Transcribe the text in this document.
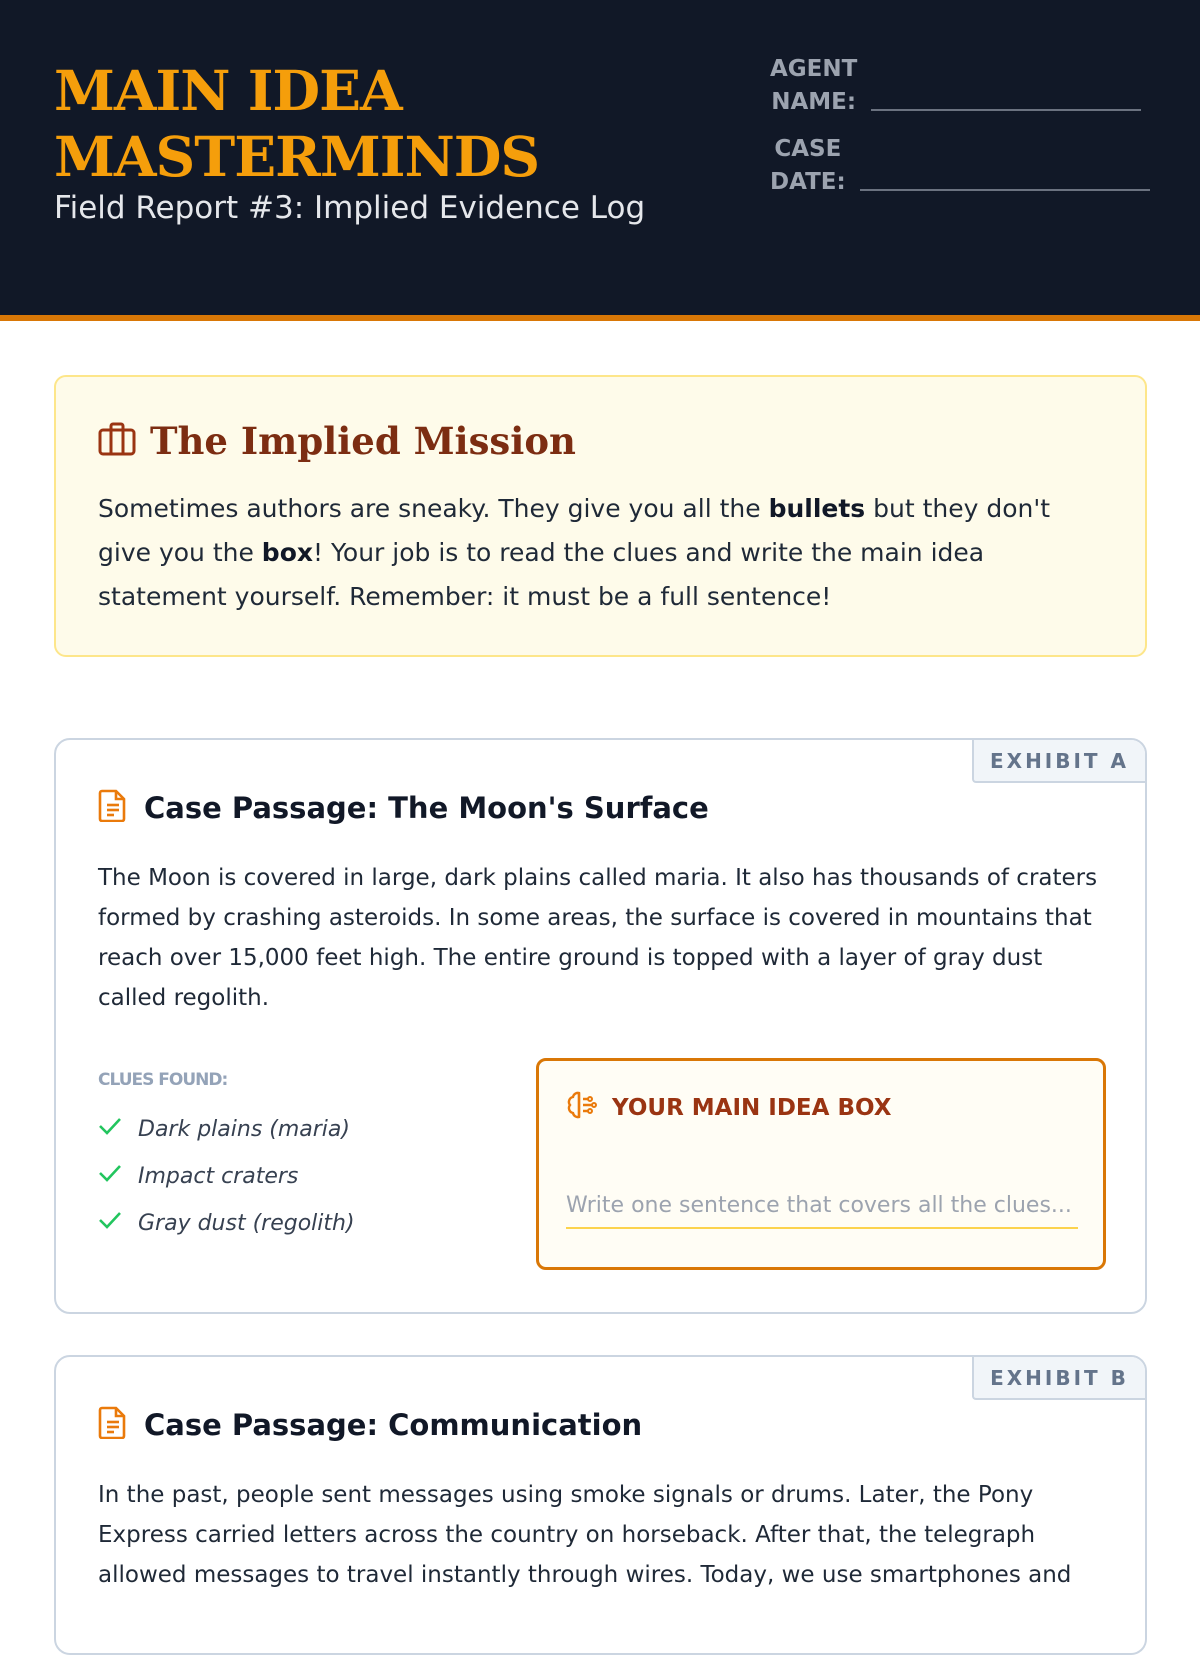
MAIN IDEA
MASTERMINDS
Field Report #3: Implied Evidence Log
AGENT
NAME:
CASE
DATE:
The Implied Mission

Sometimes authors are sneaky. They give you all the bullets but they don't give you the box! Your job is to read the clues and write the main idea statement yourself. Remember: it must be a full sentence!

EXHIBIT A
Case Passage: The Moon's Surface

The Moon is covered in large, dark plains called maria. It also has thousands of craters formed by crashing asteroids. In some areas, the surface is covered in mountains that reach over 15,000 feet high. The entire ground is topped with a layer of gray dust called regolith.

CLUES FOUND:
Dark plains (maria)
Impact craters
Gray dust (regolith)
YOUR MAIN IDEA BOX
Write one sentence that covers all the clues...
EXHIBIT B
Case Passage: Communication

In the past, people sent messages using smoke signals or drums. Later, the Pony Express carried letters across the country on horseback. After that, the telegraph allowed messages to travel instantly through wires. Today, we use smartphones and
